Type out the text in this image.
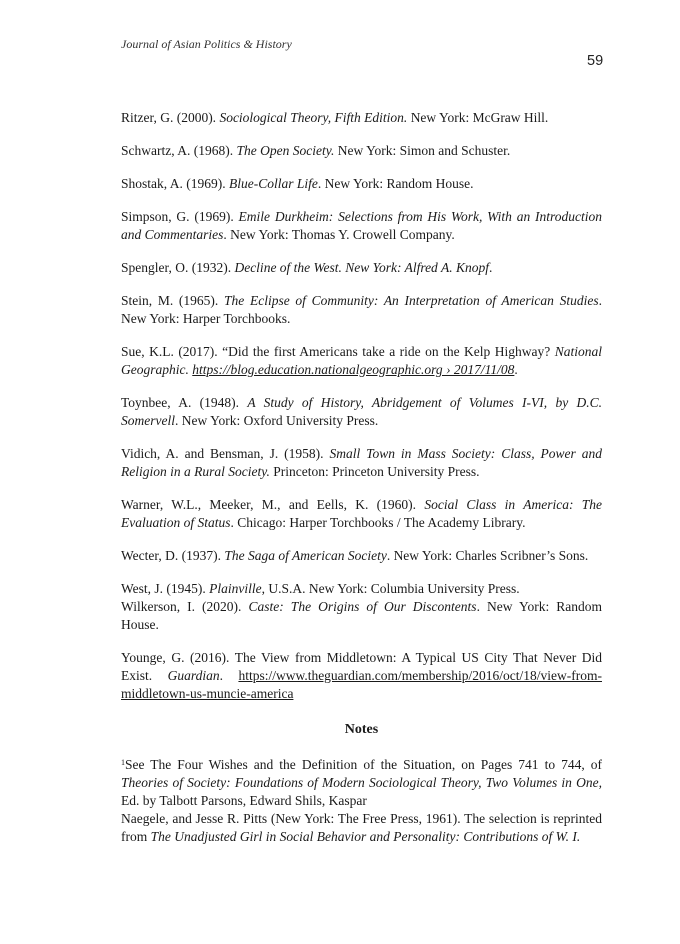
Journal of Asian Politics & History
59
Ritzer, G. (2000). Sociological Theory, Fifth Edition. New York: McGraw Hill.
Schwartz, A. (1968). The Open Society. New York: Simon and Schuster.
Shostak, A. (1969). Blue-Collar Life. New York: Random House.
Simpson, G. (1969). Emile Durkheim: Selections from His Work, With an Introduction and Commentaries. New York: Thomas Y. Crowell Company.
Spengler, O. (1932). Decline of the West. New York: Alfred A. Knopf.
Stein, M. (1965). The Eclipse of Community: An Interpretation of American Studies. New York: Harper Torchbooks.
Sue, K.L. (2017). “Did the first Americans take a ride on the Kelp Highway? National Geographic. https://blog.education.nationalgeographic.org › 2017/11/08.
Toynbee, A. (1948). A Study of History, Abridgement of Volumes I-VI, by D.C. Somervell. New York: Oxford University Press.
Vidich, A. and Bensman, J. (1958). Small Town in Mass Society: Class, Power and Religion in a Rural Society. Princeton: Princeton University Press.
Warner, W.L., Meeker, M., and Eells, K. (1960). Social Class in America: The Evaluation of Status. Chicago: Harper Torchbooks / The Academy Library.
Wecter, D. (1937). The Saga of American Society. New York: Charles Scribner’s Sons.
West, J. (1945). Plainville, U.S.A. New York: Columbia University Press.
Wilkerson, I. (2020). Caste: The Origins of Our Discontents. New York: Random House.
Younge, G. (2016). The View from Middletown: A Typical US City That Never Did Exist. Guardian. https://www.theguardian.com/membership/2016/oct/18/view-from-middletown-us-muncie-america
Notes
$^1$See The Four Wishes and the Definition of the Situation, on Pages 741 to 744, of Theories of Society: Foundations of Modern Sociological Theory, Two Volumes in One, Ed. by Talbott Parsons, Edward Shils, Kaspar
Naegele, and Jesse R. Pitts (New York: The Free Press, 1961). The selection is reprinted from The Unadjusted Girl in Social Behavior and Personality: Contributions of W. I.
